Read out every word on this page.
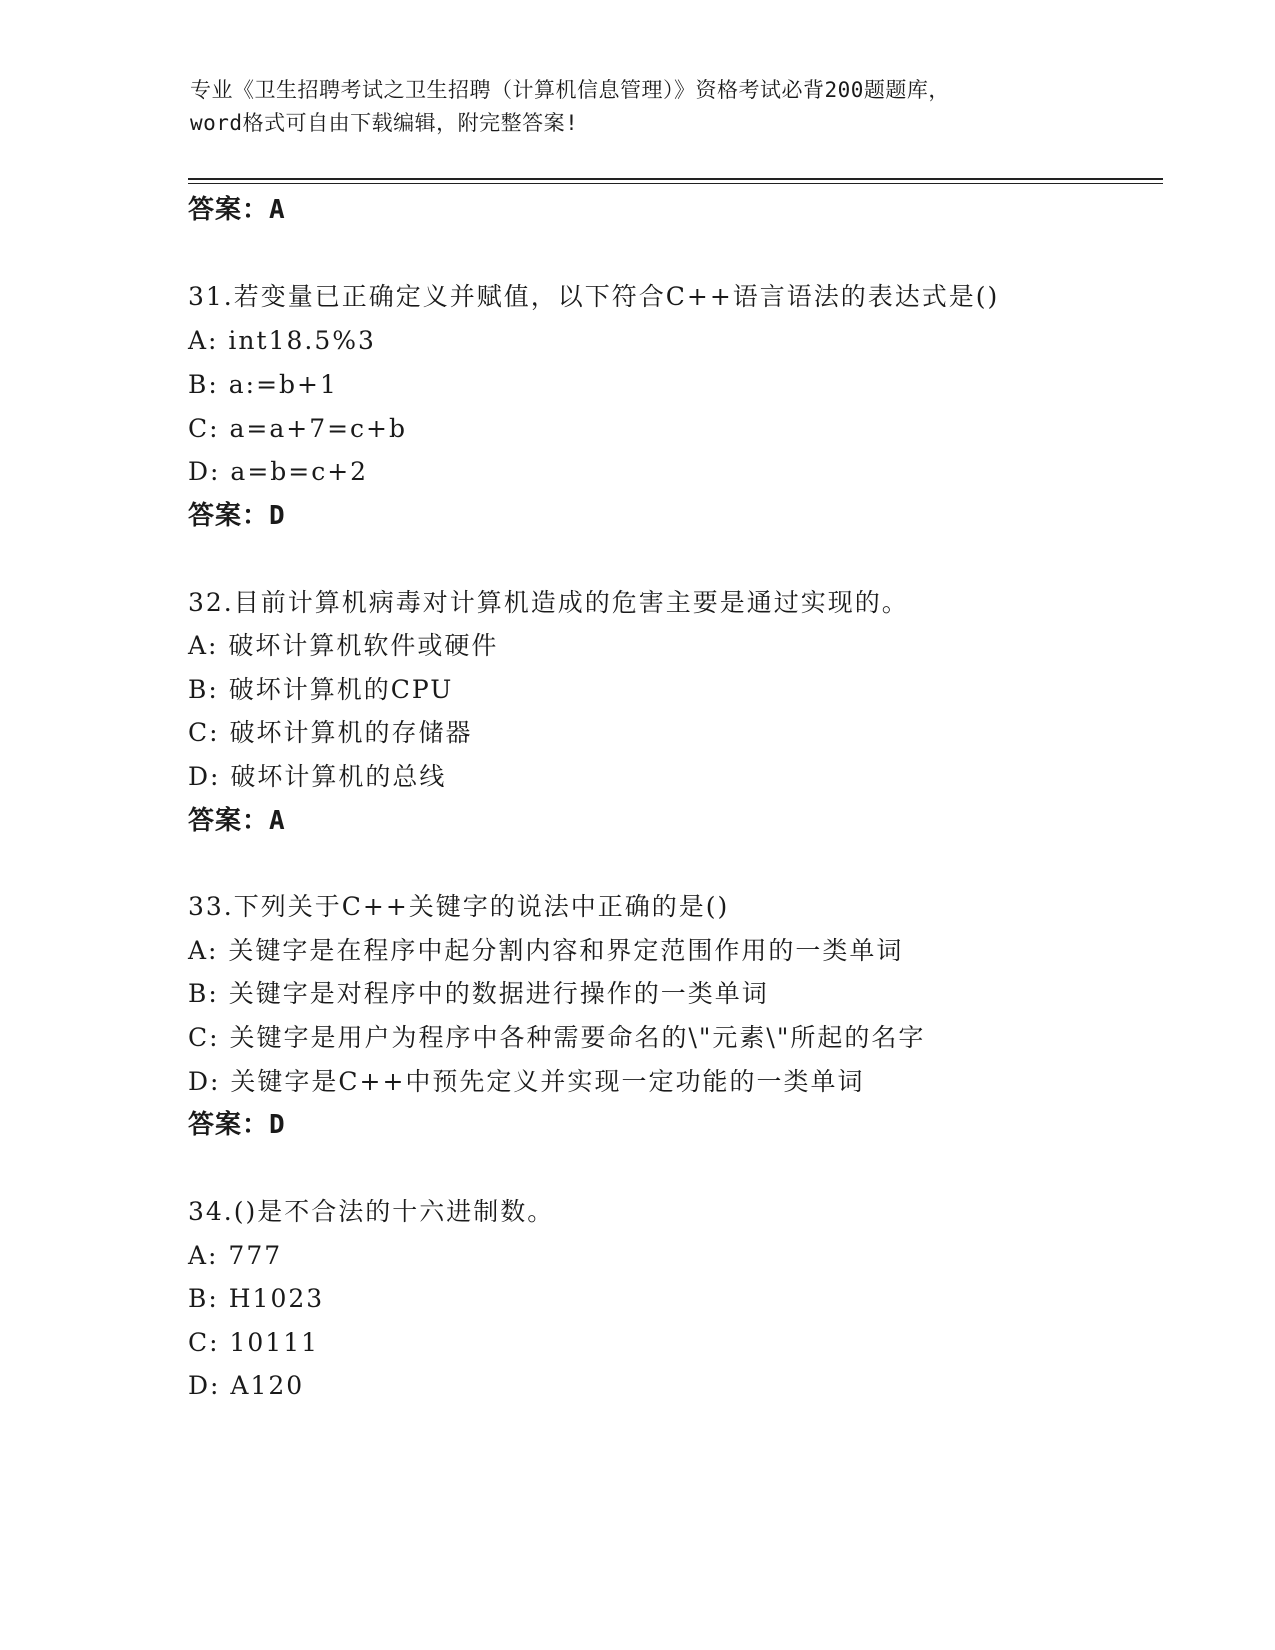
专业《卫生招聘考试之卫生招聘（计算机信息管理）》资格考试必背200题题库，
word格式可自由下载编辑，附完整答案!
答案：A
31.若变量已正确定义并赋值，以下符合C++语言语法的表达式是()
A: int18.5%3
B: a:=b+1
C: a=a+7=c+b
D: a=b=c+2
答案：D
32.目前计算机病毒对计算机造成的危害主要是通过实现的。
A: 破坏计算机软件或硬件
B: 破坏计算机的CPU
C: 破坏计算机的存储器
D: 破坏计算机的总线
答案：A
33.下列关于C++关键字的说法中正确的是()
A: 关键字是在程序中起分割内容和界定范围作用的一类单词
B: 关键字是对程序中的数据进行操作的一类单词
C: 关键字是用户为程序中各种需要命名的\"元素\"所起的名字
D: 关键字是C++中预先定义并实现一定功能的一类单词
答案：D
34.()是不合法的十六进制数。
A: 777
B: H1023
C: 10111
D: A120
